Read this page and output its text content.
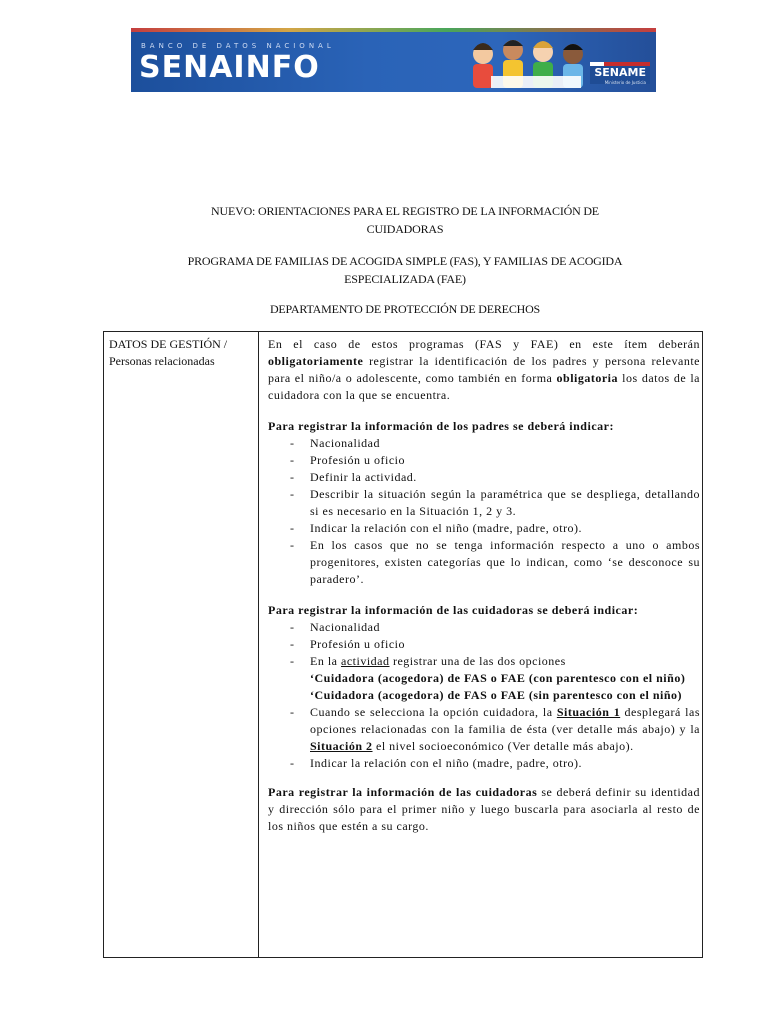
BANCO DE DATOS NACIONAL
SENAINFO	SENAME
Ministerio de Justicia
NUEVO: ORIENTACIONES PARA EL REGISTRO DE LA INFORMACIÓN DE
CUIDADORAS
PROGRAMA DE FAMILIAS DE ACOGIDA SIMPLE (FAS), Y FAMILIAS DE ACOGIDA
ESPECIALIZADA (FAE)
DEPARTAMENTO DE PROTECCIÓN DE DERECHOS
DATOS DE GESTIÓN / Personas relacionadas

En el caso de estos programas (FAS y FAE) en este ítem deberán obligatoriamente registrar la identificación de los padres y persona relevante para el niño/a o adolescente, como también en forma obligatoria los datos de la cuidadora con la que se encuentra.

Para registrar la información de los padres se deberá indicar:

- Nacionalidad
- Profesión u oficio
- Definir la actividad.
- Describir la situación según la paramétrica que se despliega, detallando si es necesario en la Situación 1, 2 y 3.
- Indicar la relación con el niño (madre, padre, otro).
- En los casos que no se tenga información respecto a uno o ambos progenitores, existen categorías que lo indican, como ‘se desconoce su paradero’.

Para registrar la información de las cuidadoras se deberá indicar:

- Nacionalidad
- Profesión u oficio
- En la actividad registrar una de las dos opciones
‘Cuidadora (acogedora) de FAS o FAE (con parentesco con el niño)
‘Cuidadora (acogedora) de FAS o FAE (sin parentesco con el niño)
- Cuando se selecciona la opción cuidadora, la Situación 1 desplegará las opciones relacionadas con la familia de ésta (ver detalle más abajo) y la Situación 2 el nivel socioeconómico (Ver detalle más abajo).
- Indicar la relación con el niño (madre, padre, otro).

Para registrar la información de las cuidadoras se deberá definir su identidad y dirección sólo para el primer niño y luego buscarla para asociarla al resto de los niños que estén a su cargo.
